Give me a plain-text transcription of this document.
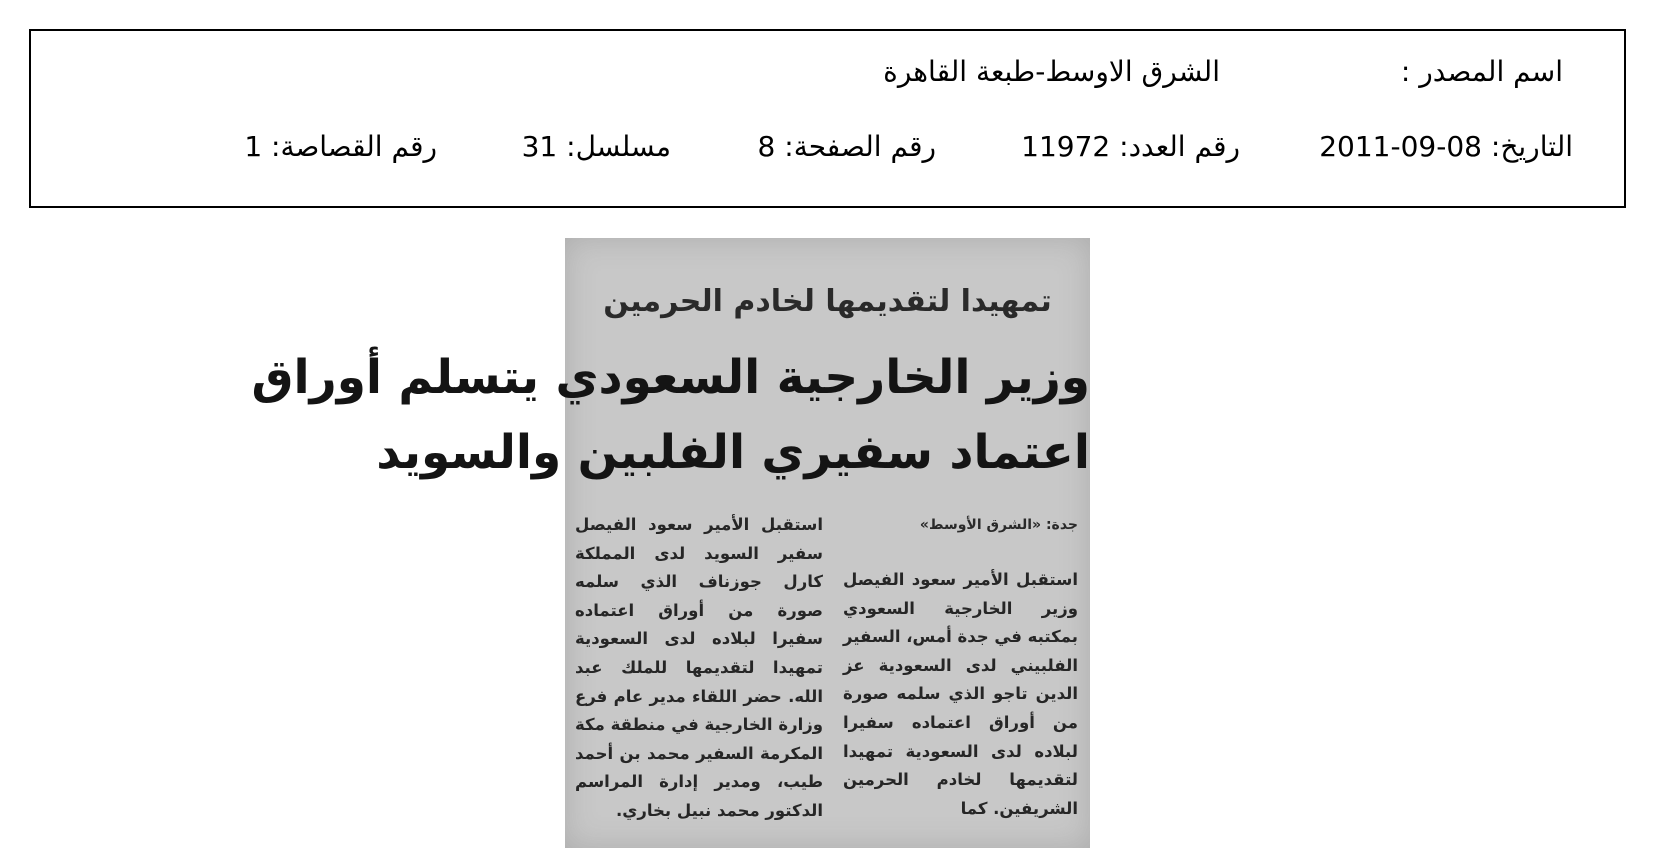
اسم المصدر :
الشرق الاوسط-طبعة القاهرة
التاريخ: 08-09-2011
رقم العدد: 11972
رقم الصفحة: 8
مسلسل: 31
رقم القصاصة: 1
تمهيدا لتقديمها لخادم الحرمين
وزير الخارجية السعودي يتسلم أوراق
اعتماد سفيري الفلبين والسويد
جدة: «الشرق الأوسط»
استقبل الأمير سعود الفيصل وزير الخارجية السعودي بمكتبه في جدة أمس، السفير الفلبيني لدى السعودية عز الدين تاجو الذي سلمه صورة من أوراق اعتماده سفيرا لبلاده لدى السعودية تمهيدا لتقديمها لخادم الحرمين الشريفين. كما
استقبل الأمير سعود الفيصل سفير السويد لدى المملكة كارل جوزناف الذي سلمه صورة من أوراق اعتماده سفيرا لبلاده لدى السعودية تمهيدا لتقديمها للملك عبد الله. حضر اللقاء مدير عام فرع وزارة الخارجية في منطقة مكة المكرمة السفير محمد بن أحمد طيب، ومدير إدارة المراسم الدكتور محمد نبيل بخاري.
